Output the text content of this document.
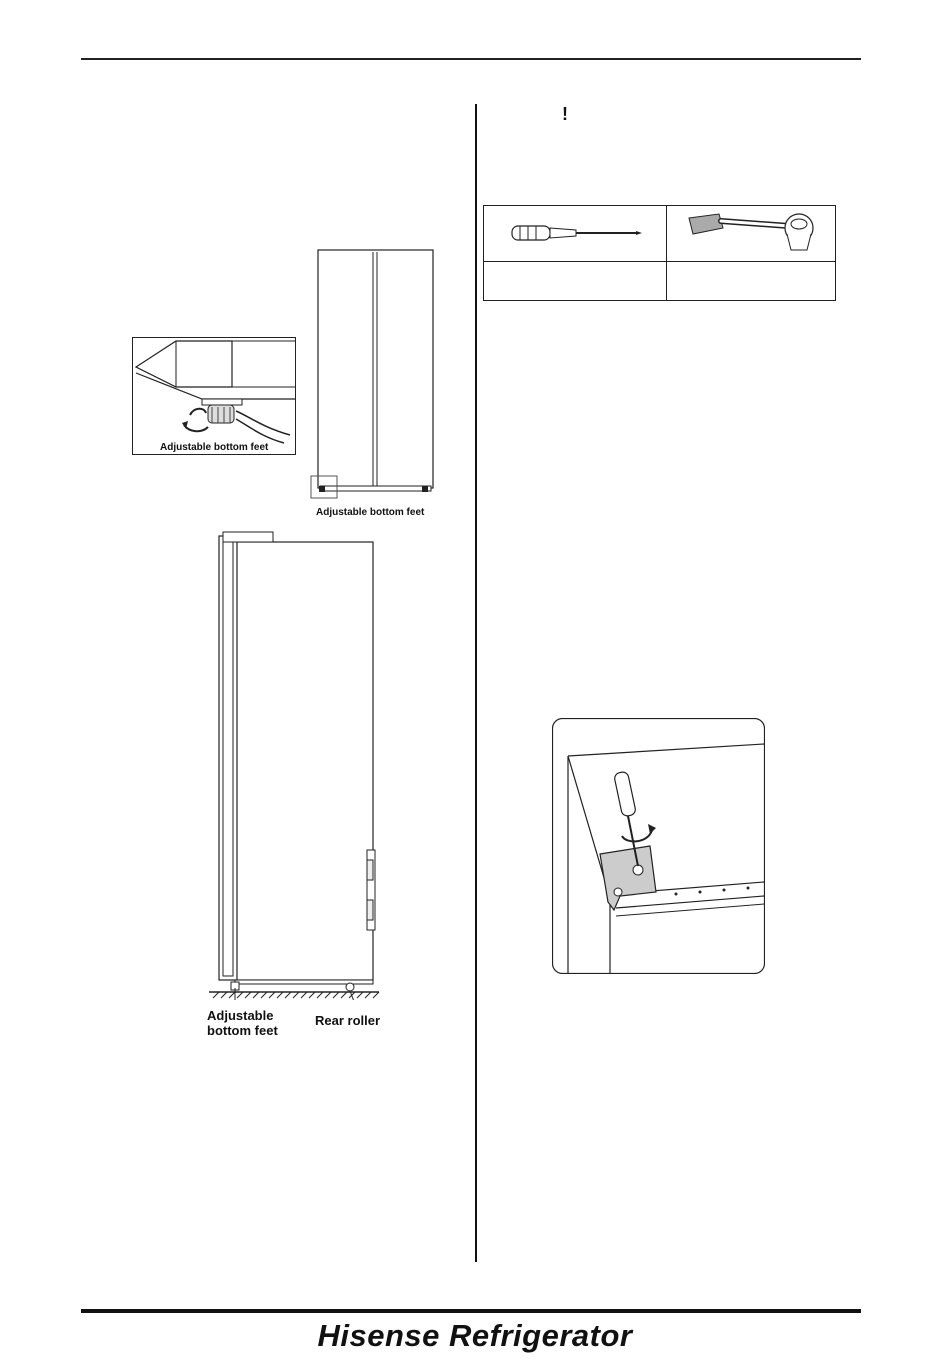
Hisense Refrigerator
!
Adjustable bottom feet
Adjustable bottom feet
Adjustable
bottom feet
Rear roller
